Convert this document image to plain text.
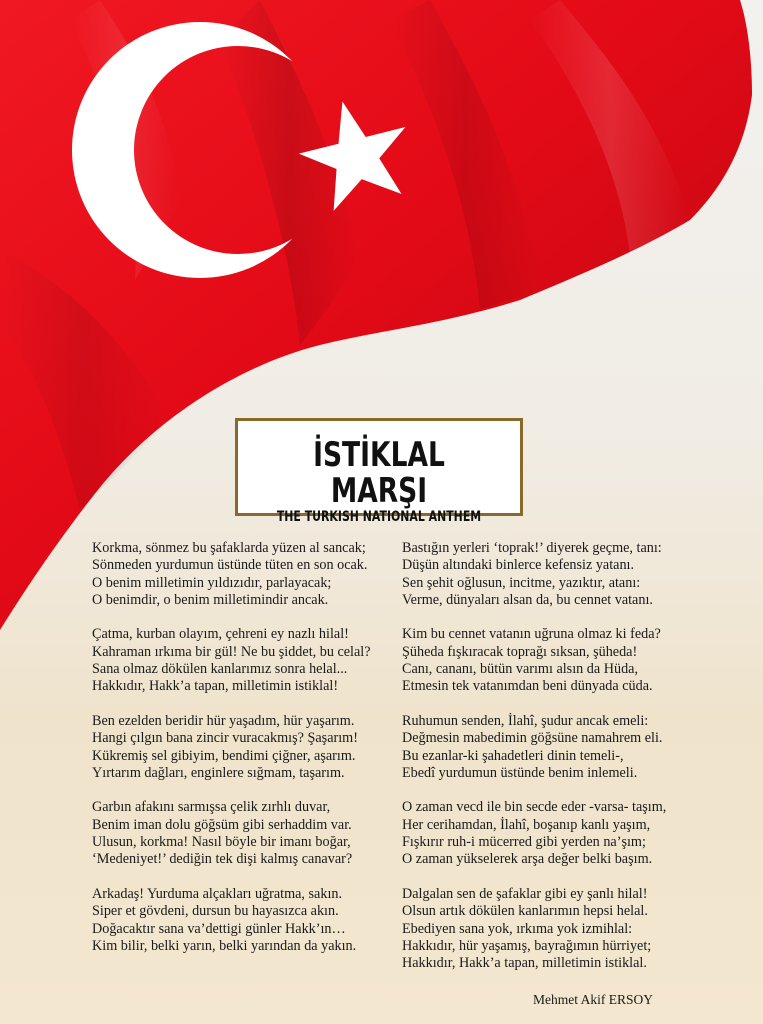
İSTİKLAL MARŞI
THE TURKISH NATIONAL ANTHEM
Korkma, sönmez bu şafaklarda yüzen al sancak;
Sönmeden yurdumun üstünde tüten en son ocak.
O benim milletimin yıldızıdır, parlayacak;
O benimdir, o benim milletimindir ancak.
Çatma, kurban olayım, çehreni ey nazlı hilal!
Kahraman ırkıma bir gül! Ne bu şiddet, bu celal?
Sana olmaz dökülen kanlarımız sonra helal...
Hakkıdır, Hakk’a tapan, milletimin istiklal!
Ben ezelden beridir hür yaşadım, hür yaşarım.
Hangi çılgın bana zincir vuracakmış? Şaşarım!
Kükremiş sel gibiyim, bendimi çiğner, aşarım.
Yırtarım dağları, enginlere sığmam, taşarım.
Garbın afakını sarmışsa çelik zırhlı duvar,
Benim iman dolu göğsüm gibi serhaddim var.
Ulusun, korkma! Nasıl böyle bir imanı boğar,
‘Medeniyet!’ dediğin tek dişi kalmış canavar?
Arkadaş! Yurduma alçakları uğratma, sakın.
Siper et gövdeni, dursun bu hayasızca akın.
Doğacaktır sana va’dettigi günler Hakk’ın…
Kim bilir, belki yarın, belki yarından da yakın.
Bastığın yerleri ‘toprak!’ diyerek geçme, tanı:
Düşün altındaki binlerce kefensiz yatanı.
Sen şehit oğlusun, incitme, yazıktır, atanı:
Verme, dünyaları alsan da, bu cennet vatanı.
Kim bu cennet vatanın uğruna olmaz ki feda?
Şüheda fışkıracak toprağı sıksan, şüheda!
Canı, cananı, bütün varımı alsın da Hüda,
Etmesin tek vatanımdan beni dünyada cüda.
Ruhumun senden, İlahî, şudur ancak emeli:
Değmesin mabedimin göğsüne namahrem eli.
Bu ezanlar-ki şahadetleri dinin temeli-,
Ebedî yurdumun üstünde benim inlemeli.
O zaman vecd ile bin secde eder -varsa- taşım,
Her cerihamdan, İlahî, boşanıp kanlı yaşım,
Fışkırır ruh-i mücerred gibi yerden na’şım;
O zaman yükselerek arşa değer belki başım.
Dalgalan sen de şafaklar gibi ey şanlı hilal!
Olsun artık dökülen kanlarımın hepsi helal.
Ebediyen sana yok, ırkıma yok izmihlal:
Hakkıdır, hür yaşamış, bayrağımın hürriyet;
Hakkıdır, Hakk’a tapan, milletimin istiklal.
Mehmet Akif ERSOY
